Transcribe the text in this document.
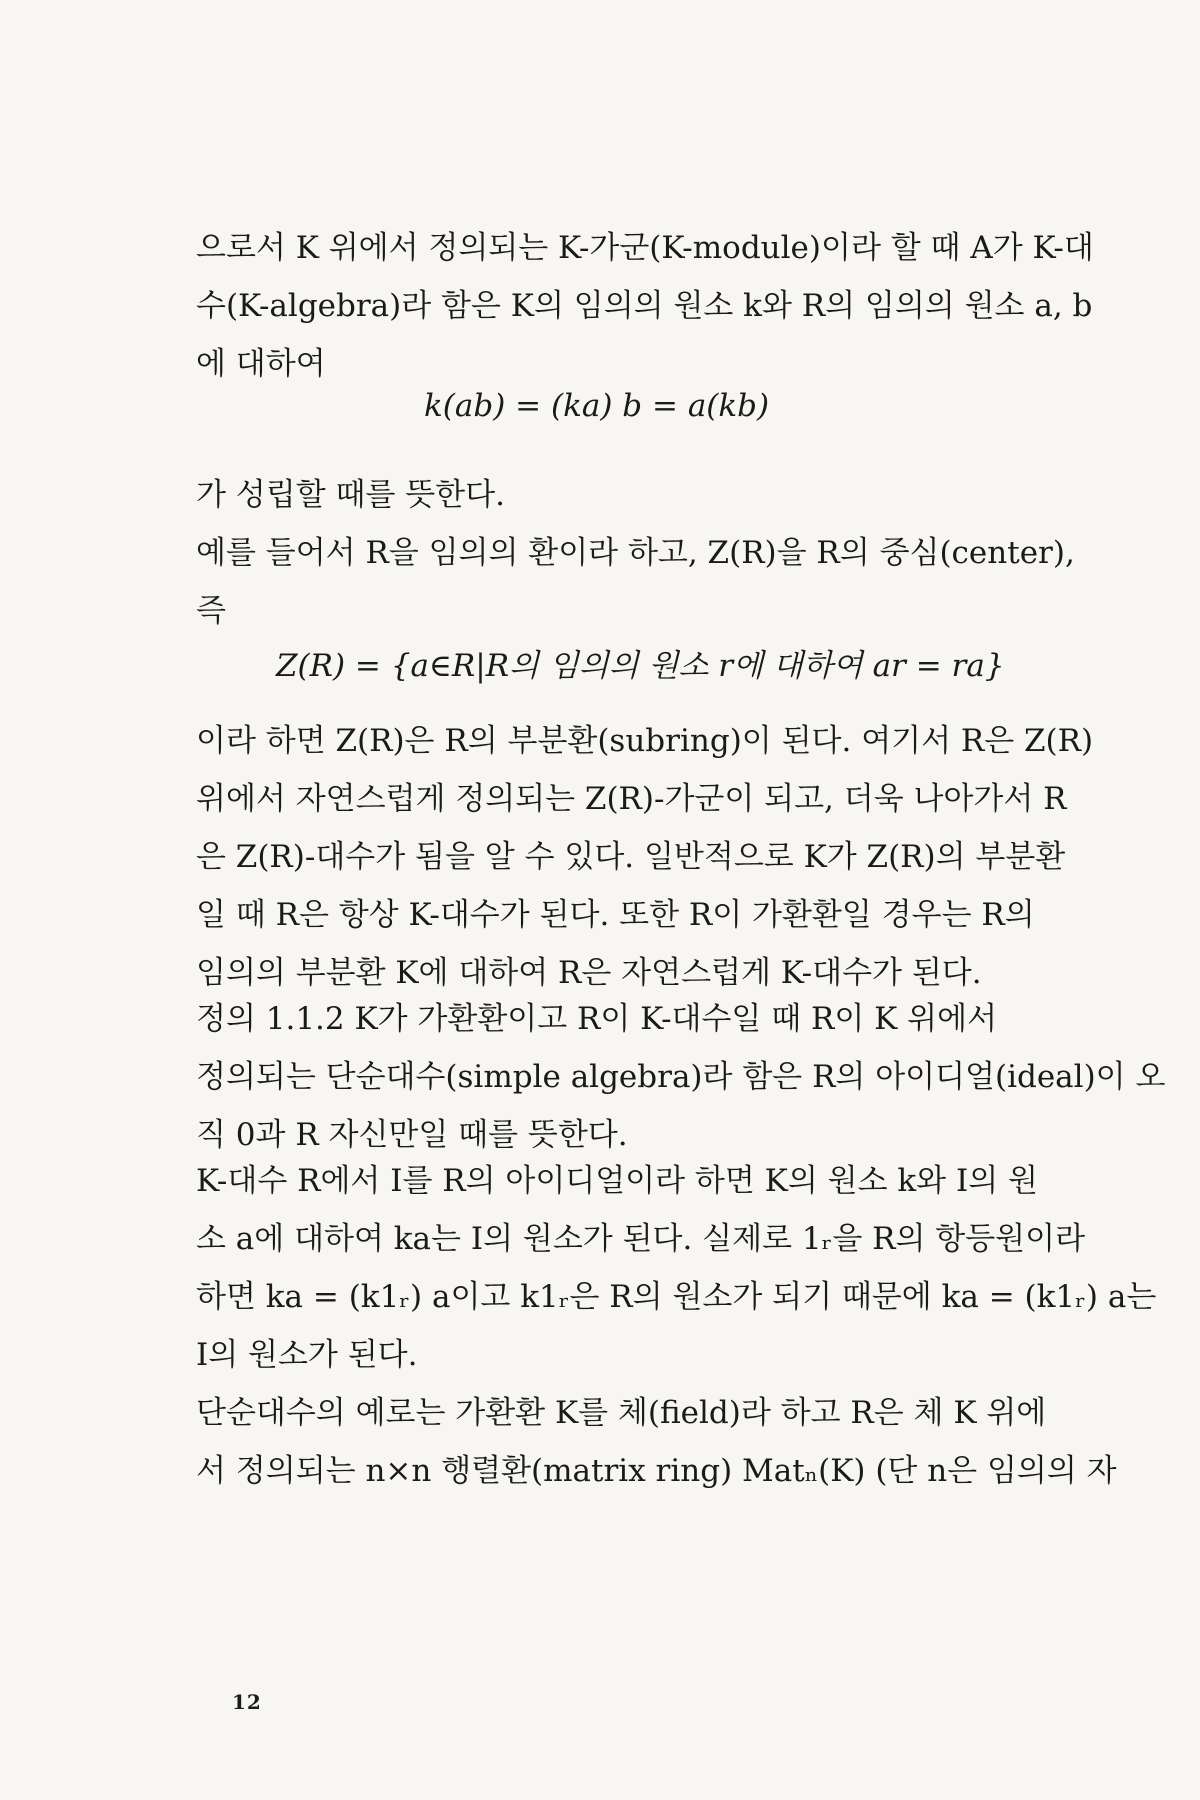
으로서 K 위에서 정의되는 K-가군(K-module)이라 할 때 A가 K-대
수(K-algebra)라 함은 K의 임의의 원소 k와 R의 임의의 원소 a, b
에 대하여
k(ab) = (ka) b = a(kb)
가 성립할 때를 뜻한다.
예를 들어서 R을 임의의 환이라 하고, Z(R)을 R의 중심(center),
즉
Z(R) = {a∈R|R의 임의의 원소 r에 대하여 ar = ra}
이라 하면 Z(R)은 R의 부분환(subring)이 된다. 여기서 R은 Z(R)
위에서 자연스럽게 정의되는 Z(R)-가군이 되고, 더욱 나아가서 R
은 Z(R)-대수가 됨을 알 수 있다. 일반적으로 K가 Z(R)의 부분환
일 때 R은 항상 K-대수가 된다. 또한 R이 가환환일 경우는 R의
임의의 부분환 K에 대하여 R은 자연스럽게 K-대수가 된다.
정의 1.1.2 K가 가환환이고 R이 K-대수일 때 R이 K 위에서
정의되는 단순대수(simple algebra)라 함은 R의 아이디얼(ideal)이 오
직 0과 R 자신만일 때를 뜻한다.
K-대수 R에서 I를 R의 아이디얼이라 하면 K의 원소 k와 I의 원
소 a에 대하여 ka는 I의 원소가 된다. 실제로 1ᵣ을 R의 항등원이라
하면 ka = (k1ᵣ) a이고 k1ᵣ은 R의 원소가 되기 때문에 ka = (k1ᵣ) a는
I의 원소가 된다.
단순대수의 예로는 가환환 K를 체(field)라 하고 R은 체 K 위에
서 정의되는 n×n 행렬환(matrix ring) Matₙ(K) (단 n은 임의의 자
12
